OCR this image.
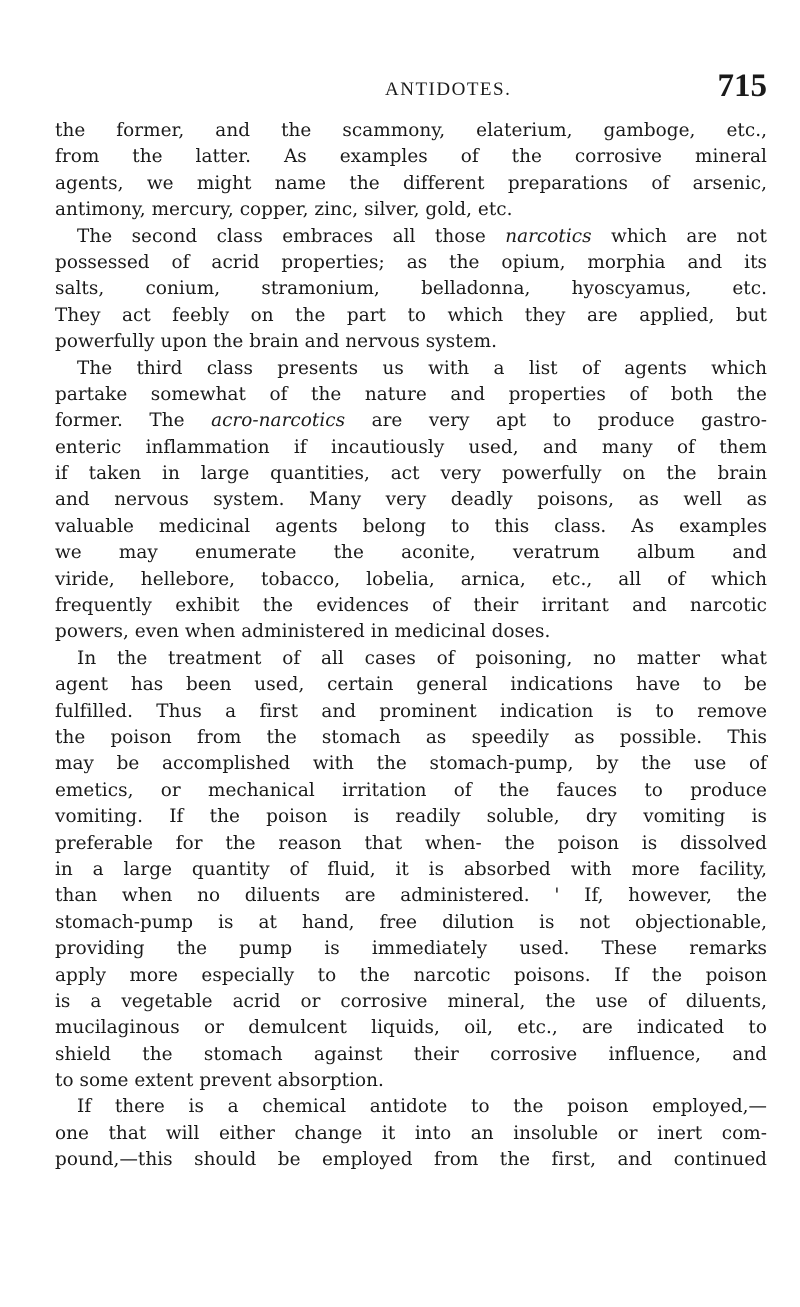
ANTIDOTES.	715
the former, and the scammony, elaterium, gamboge, etc.,
from the latter. As examples of the corrosive mineral
agents, we might name the different preparations of arsenic,
antimony, mercury, copper, zinc, silver, gold, etc.
The second class embraces all those narcotics which are not
possessed of acrid properties; as the opium, morphia and its
salts, conium, stramonium, belladonna, hyoscyamus, etc.
They act feebly on the part to which they are applied, but
powerfully upon the brain and nervous system.
The third class presents us with a list of agents which
partake somewhat of the nature and properties of both the
former. The acro-narcotics are very apt to produce gastro-
enteric inflammation if incautiously used, and many of them
if taken in large quantities, act very powerfully on the brain
and nervous system. Many very deadly poisons, as well as
valuable medicinal agents belong to this class. As examples
we may enumerate the aconite, veratrum album and
viride, hellebore, tobacco, lobelia, arnica, etc., all of which
frequently exhibit the evidences of their irritant and narcotic
powers, even when administered in medicinal doses.
In the treatment of all cases of poisoning, no matter what
agent has been used, certain general indications have to be
fulfilled. Thus a first and prominent indication is to remove
the poison from the stomach as speedily as possible. This
may be accomplished with the stomach-pump, by the use of
emetics, or mechanical irritation of the fauces to produce
vomiting. If the poison is readily soluble, dry vomiting is
preferable for the reason that when- the poison is dissolved
in a large quantity of fluid, it is absorbed with more facility,
than when no diluents are administered. ' If, however, the
stomach-pump is at hand, free dilution is not objectionable,
providing the pump is immediately used. These remarks
apply more especially to the narcotic poisons. If the poison
is a vegetable acrid or corrosive mineral, the use of diluents,
mucilaginous or demulcent liquids, oil, etc., are indicated to
shield the stomach against their corrosive influence, and
to some extent prevent absorption.
If there is a chemical antidote to the poison employed,—
one that will either change it into an insoluble or inert com-
pound,—this should be employed from the first, and continued
